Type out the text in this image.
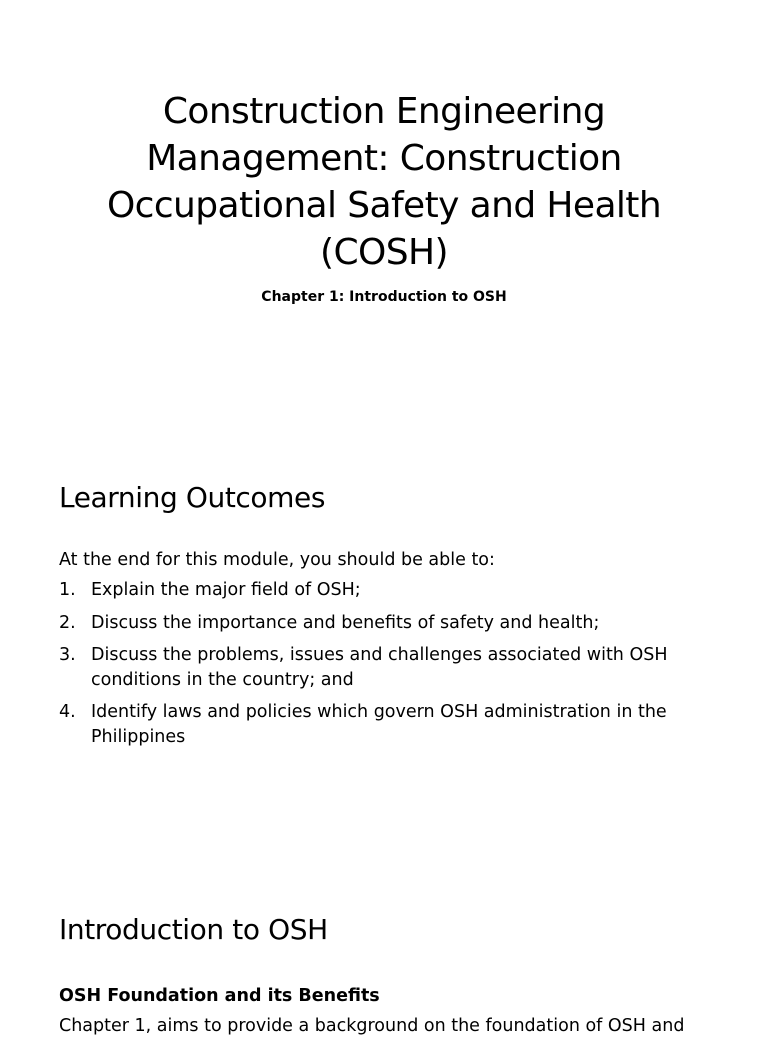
Construction Engineering Management: Construction Occupational Safety and Health (COSH)

Chapter 1: Introduction to OSH

Learning Outcomes

At the end for this module, you should be able to:

1. Explain the major field of OSH;
2. Discuss the importance and benefits of safety and health;
3. Discuss the problems, issues and challenges associated with OSH conditions in the country; and
4. Identify laws and policies which govern OSH administration in the Philippines
Introduction to OSH
OSH Foundation and its Benefits

Chapter 1, aims to provide a background on the foundation of OSH and
